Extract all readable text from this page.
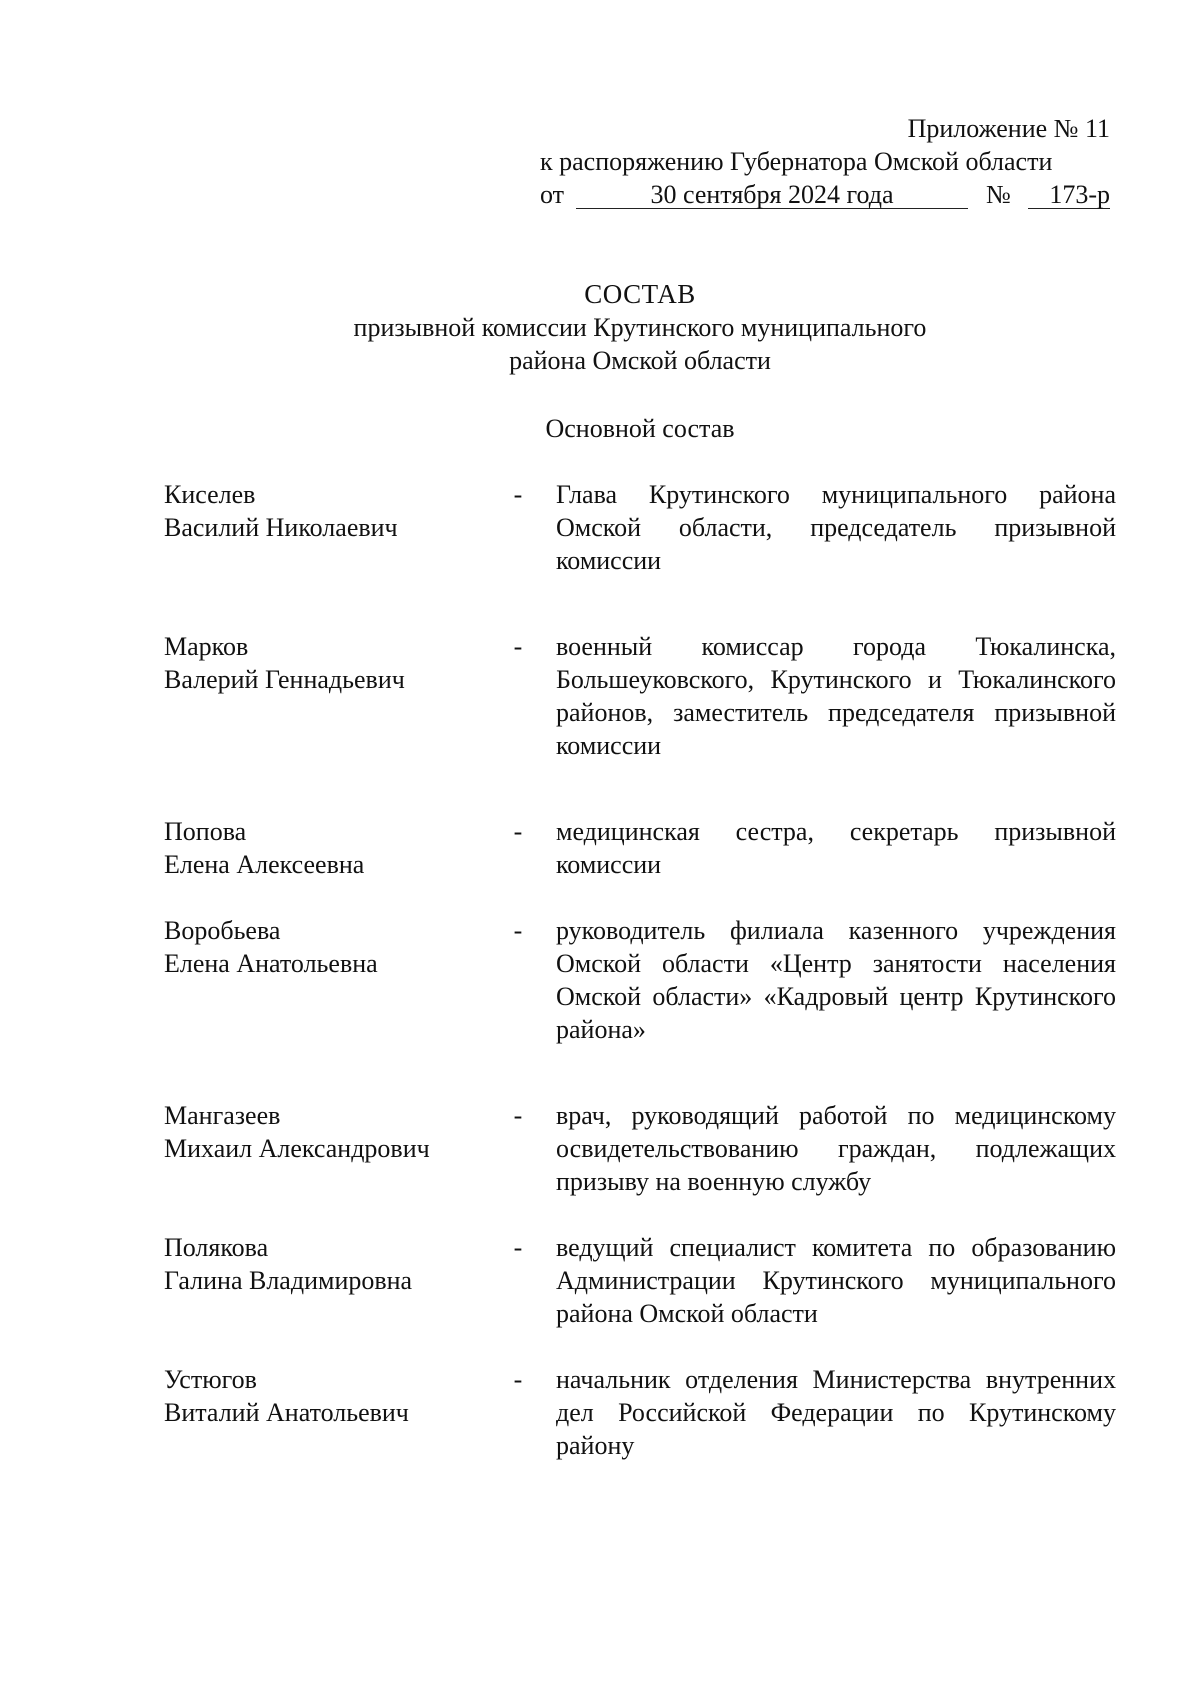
Приложение № 11
к распоряжению Губернатора Омской области
от	30 сентября 2024 года	№	173-р
СОСТАВ
призывной комиссии Крутинского муниципального
района Омской области
Основной состав
Киселев
Василий Николаевич
- Глава Крутинского муниципального района Омской области, председатель призывной комиссии
Марков
Валерий Геннадьевич
- военный комиссар города Тюкалинска, Большеуковского, Крутинского и Тюкалинского районов, заместитель председателя призывной комиссии
Попова
Елена Алексеевна
- медицинская сестра, секретарь призывной комиссии
Воробьева
Елена Анатольевна
- руководитель филиала казенного учреждения Омской области «Центр занятости населения Омской области» «Кадровый центр Крутинского района»
Мангазеев
Михаил Александрович
- врач, руководящий работой по медицинскому освидетельствованию граждан, подлежащих призыву на военную службу
Полякова
Галина Владимировна
- ведущий специалист комитета по образованию Администрации Крутинского муниципального района Омской области
Устюгов
Виталий Анатольевич
- начальник отделения Министерства внутренних дел Российской Федерации по Крутинскому району
